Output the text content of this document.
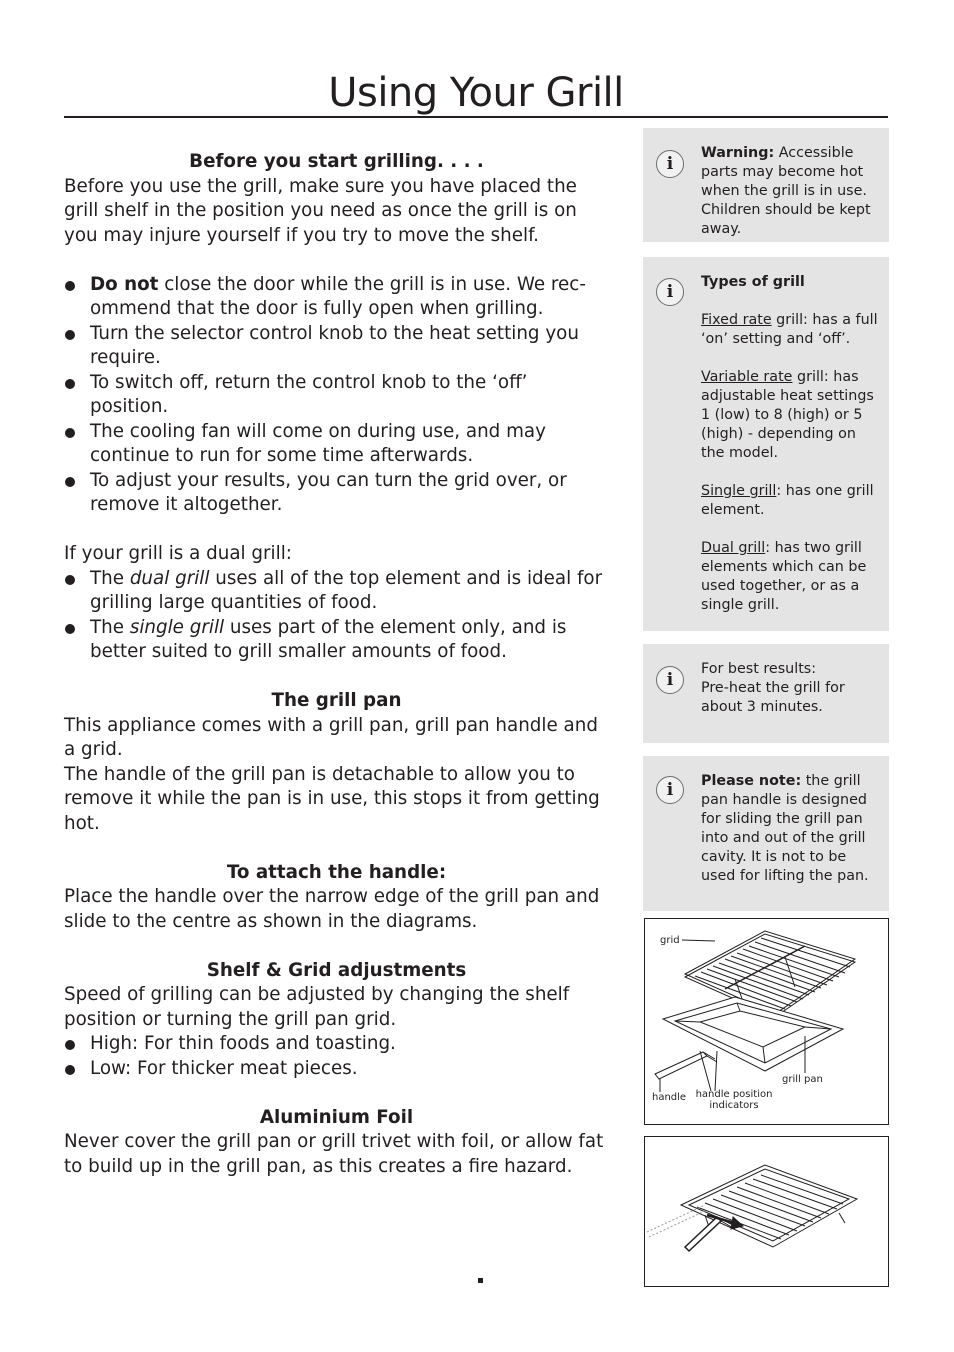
Using Your Grill

Before you start grilling. . . .

Before you use the grill, make sure you have placed the grill shelf in the position you need as once the grill is on you may injure yourself if you try to move the shelf.

Do not close the door while the grill is in use. We rec-ommend that the door is fully open when grilling.
Turn the selector control knob to the heat setting you require.
To switch off, return the control knob to the ‘off’ position.
The cooling fan will come on during use, and may continue to run for some time afterwards.
To adjust your results, you can turn the grid over, or remove it altogether.

If your grill is a dual grill:

The dual grill uses all of the top element and is ideal for grilling large quantities of food.
The single grill uses part of the element only, and is better suited to grill smaller amounts of food.

The grill pan

This appliance comes with a grill pan, grill pan handle and a grid.

The handle of the grill pan is detachable to allow you to remove it while the pan is in use, this stops it from getting hot.

To attach the handle:

Place the handle over the narrow edge of the grill pan and slide to the centre as shown in the diagrams.

Shelf & Grid adjustments

Speed of grilling can be adjusted by changing the shelf position or turning the grill pan grid.

High: For thin foods and toasting.
Low: For thicker meat pieces.

Aluminium Foil

Never cover the grill pan or grill trivet with foil, or allow fat to build up in the grill pan, as this creates a fire hazard.

i
Warning: Accessible parts may become hot when the grill is in use. Children should be kept away.
i	Types of grill
Fixed rate grill: has a full ‘on’ setting and ‘off’.
Variable rate grill: has adjustable heat settings 1 (low) to 8 (high) or 5 (high) - depending on the model.
Single grill: has one grill element.
Dual grill: has two grill elements which can be used together, or as a single grill.
i
For best results:
Pre-heat the grill for about 3 minutes.
i	Please note: the grill pan handle is designed for sliding the grill pan into and out of the grill cavity. It is not to be used for lifting the pan.
grid
handle handle position
indicators
grill pan
